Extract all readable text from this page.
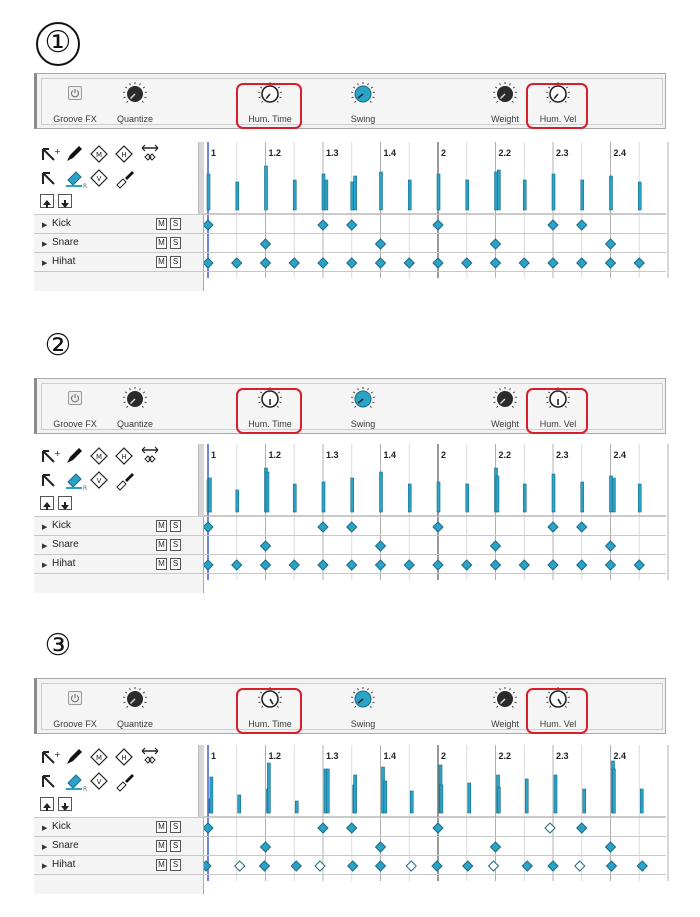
①
②
③
Groove FX	Quantize	Hum. Time	Swing	Weight	Hum. Vel
+	M	H
R
V
1	1.2	1.3	1.4	2	2.2	2.3	2.4
▶ Kick	M	S
▶ Snare	M	S
▶ Hihat	M	S
Groove FX	Quantize	Hum. Time	Swing	Weight	Hum. Vel
+	M	H
R
V
1	1.2	1.3	1.4	2	2.2	2.3	2.4
▶ Kick	M	S
▶ Snare	M	S
▶ Hihat	M	S
Groove FX	Quantize	Hum. Time	Swing	Weight	Hum. Vel
+	M	H
R
V
1	1.2	1.3	1.4	2	2.2	2.3	2.4
▶ Kick	M	S
▶ Snare	M	S
▶ Hihat	M	S
